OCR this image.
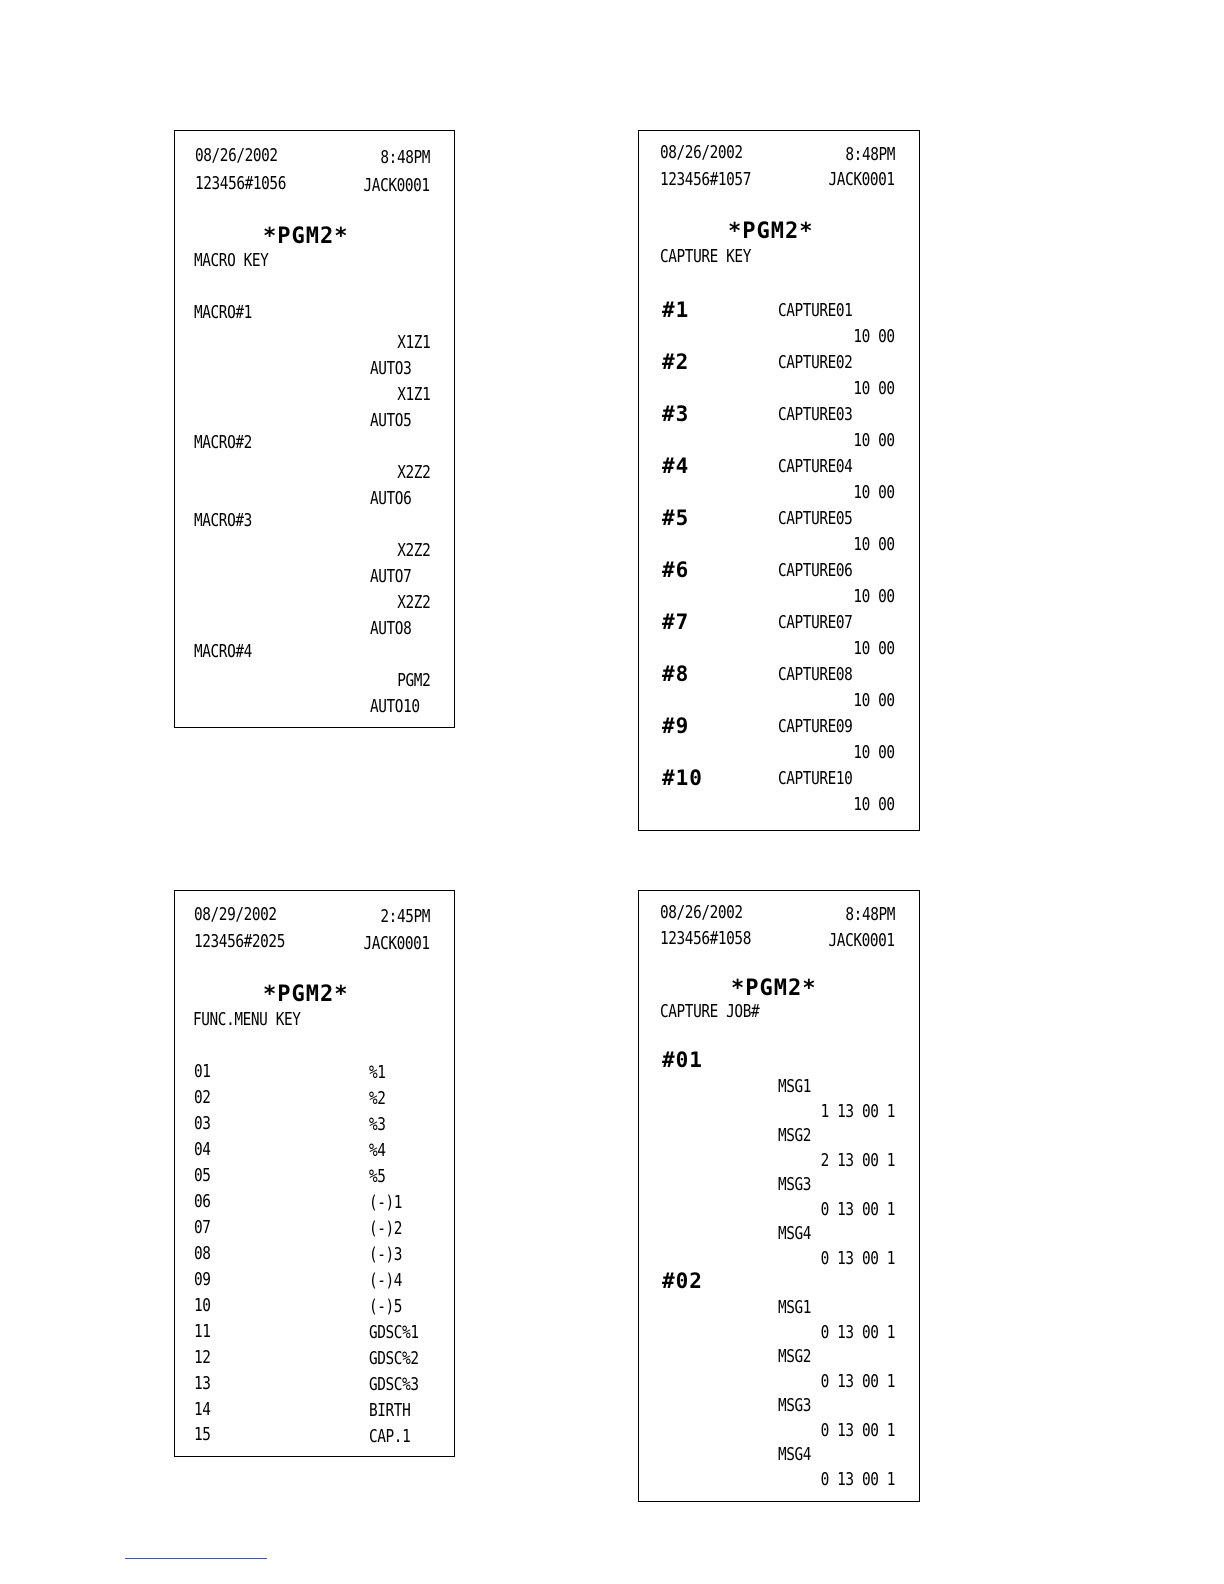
08/26/2002	8:48PM
123456#1056	JACK0001
*PGM2*
MACRO KEY
MACRO#1
X1Z1
AUTO3
X1Z1
AUTO5
MACRO#2
X2Z2
AUTO6
MACRO#3
X2Z2
AUTO7
X2Z2
AUTO8
MACRO#4
PGM2
AUTO10
08/26/2002	8:48PM
123456#1057	JACK0001
*PGM2*
CAPTURE KEY
#1	CAPTURE01
10 00
#2	CAPTURE02
10 00
#3	CAPTURE03
10 00
#4	CAPTURE04
10 00
#5	CAPTURE05
10 00
#6	CAPTURE06
10 00
#7	CAPTURE07
10 00
#8	CAPTURE08
10 00
#9	CAPTURE09
10 00
#10	CAPTURE10
10 00
08/29/2002	2:45PM
123456#2025	JACK0001
*PGM2*
FUNC.MENU KEY
01	%1
02	%2
03	%3
04	%4
05	%5
06	(-)1
07	(-)2
08	(-)3
09	(-)4
10	(-)5
11	GDSC%1
12	GDSC%2
13	GDSC%3
14	BIRTH
15	CAP.1
08/26/2002	8:48PM
123456#1058	JACK0001
*PGM2*
CAPTURE JOB#
#01
MSG1
1 13 00 1
MSG2
2 13 00 1
MSG3
0 13 00 1
MSG4
0 13 00 1
#02
MSG1
0 13 00 1
MSG2
0 13 00 1
MSG3
0 13 00 1
MSG4
0 13 00 1
